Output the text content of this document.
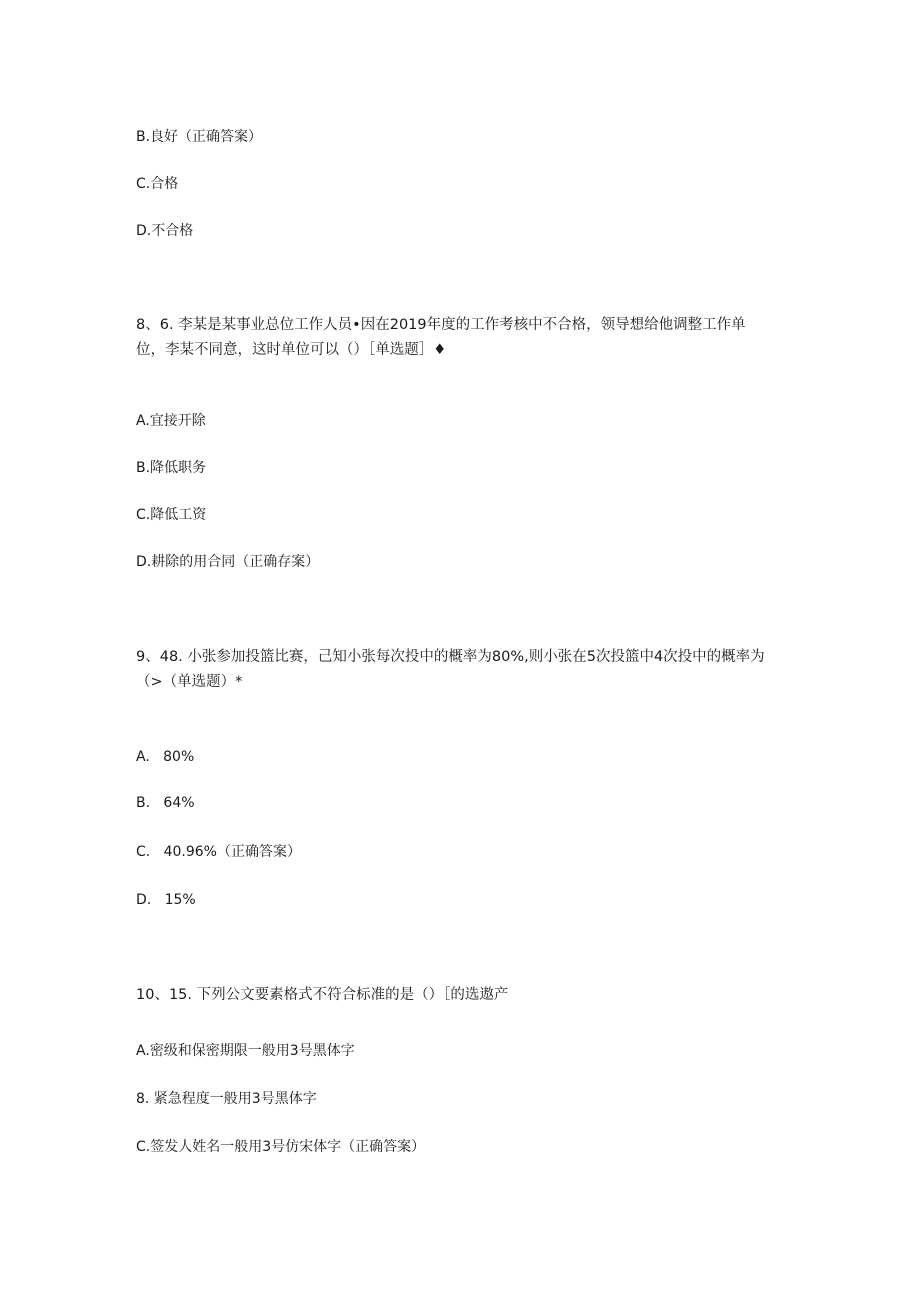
B.良好（正确答案）
C.合格
D.不合格
8、6. 李某是某事业总位工作人员•因在2019年度的工作考核中不合格，领导想给他调整工作单
位，李某不同意，这时单位可以（）［单选题］♦
A.宜接开除
B.降低职务
C.降低工资
D.耕除的用合同（正确存案）
9、48. 小张参加投篮比赛，己知小张每次投中的概率为80%,则小张在5次投篮中4次投中的概率为
（>（单选题）*
A.   80%
B.   64%
C.   40.96%（正确答案）
D.   15%
10、15. 下列公文要素格式不符合标准的是（）［的选遨产
A.密级和保密期限一般用3号黑体字
8. 紧急程度一般用3号黑体字
C.签发人姓名一般用3号仿宋体字（正确答案）
